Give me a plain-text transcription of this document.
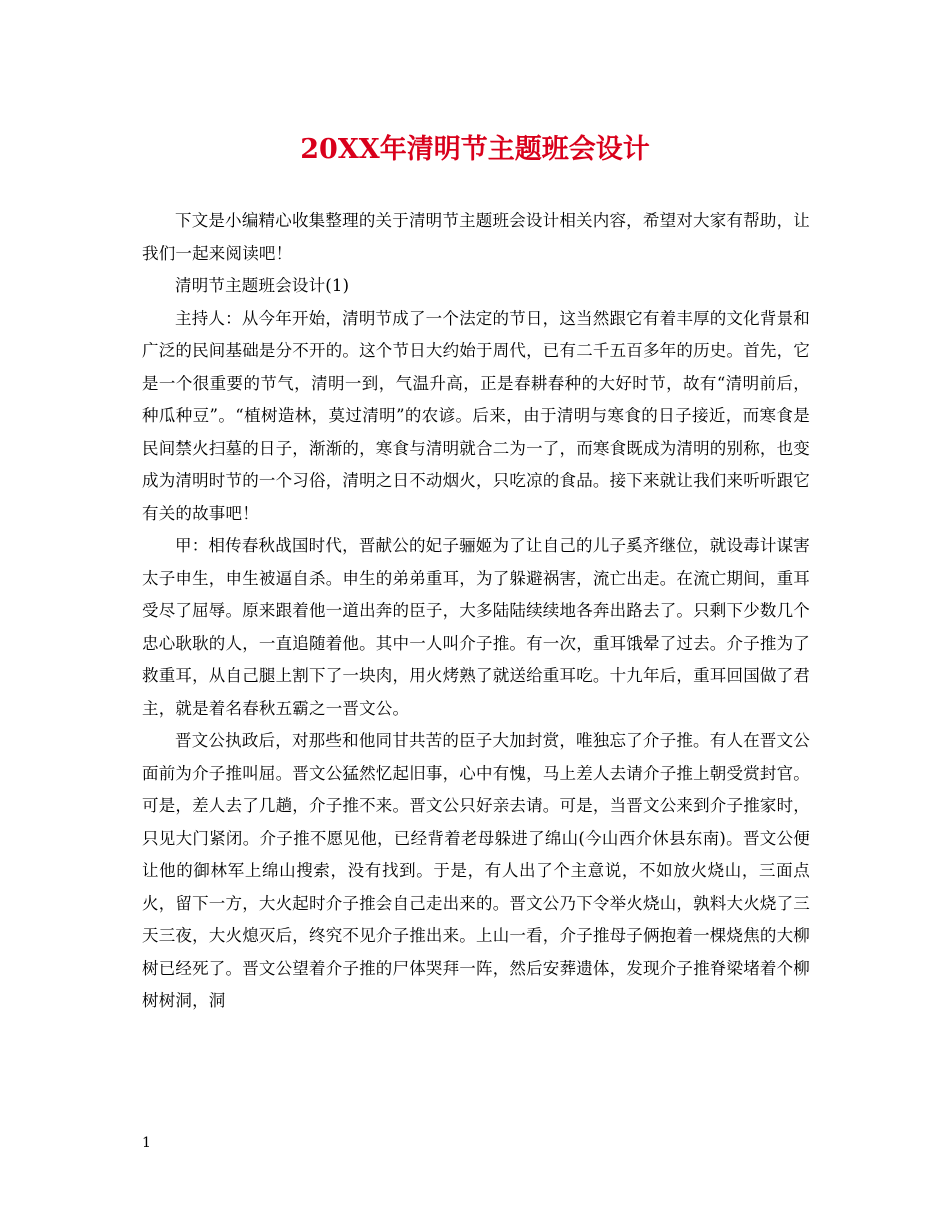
20XX年清明节主题班会设计

下文是小编精心收集整理的关于清明节主题班会设计相关内容，希望对大家有帮助，让我们一起来阅读吧！

清明节主题班会设计(1)

主持人：从今年开始，清明节成了一个法定的节日，这当然跟它有着丰厚的文化背景和广泛的民间基础是分不开的。这个节日大约始于周代，已有二千五百多年的历史。首先，它是一个很重要的节气，清明一到，气温升高，正是春耕春种的大好时节，故有“清明前后，种瓜种豆”。“植树造林，莫过清明”的农谚。后来，由于清明与寒食的日子接近，而寒食是民间禁火扫墓的日子，渐渐的，寒食与清明就合二为一了，而寒食既成为清明的别称，也变成为清明时节的一个习俗，清明之日不动烟火，只吃凉的食品。接下来就让我们来听听跟它有关的故事吧！

甲：相传春秋战国时代，晋献公的妃子骊姬为了让自己的儿子奚齐继位，就设毒计谋害太子申生，申生被逼自杀。申生的弟弟重耳，为了躲避祸害，流亡出走。在流亡期间，重耳受尽了屈辱。原来跟着他一道出奔的臣子，大多陆陆续续地各奔出路去了。只剩下少数几个忠心耿耿的人，一直追随着他。其中一人叫介子推。有一次，重耳饿晕了过去。介子推为了救重耳，从自己腿上割下了一块肉，用火烤熟了就送给重耳吃。十九年后，重耳回国做了君主，就是着名春秋五霸之一晋文公。

晋文公执政后，对那些和他同甘共苦的臣子大加封赏，唯独忘了介子推。有人在晋文公面前为介子推叫屈。晋文公猛然忆起旧事，心中有愧，马上差人去请介子推上朝受赏封官。可是，差人去了几趟，介子推不来。晋文公只好亲去请。可是，当晋文公来到介子推家时，只见大门紧闭。介子推不愿见他，已经背着老母躲进了绵山(今山西介休县东南)。晋文公便让他的御林军上绵山搜索，没有找到。于是，有人出了个主意说，不如放火烧山，三面点火，留下一方，大火起时介子推会自己走出来的。晋文公乃下令举火烧山，孰料大火烧了三天三夜，大火熄灭后，终究不见介子推出来。上山一看，介子推母子俩抱着一棵烧焦的大柳树已经死了。晋文公望着介子推的尸体哭拜一阵，然后安葬遗体，发现介子推脊梁堵着个柳树树洞，洞

1
